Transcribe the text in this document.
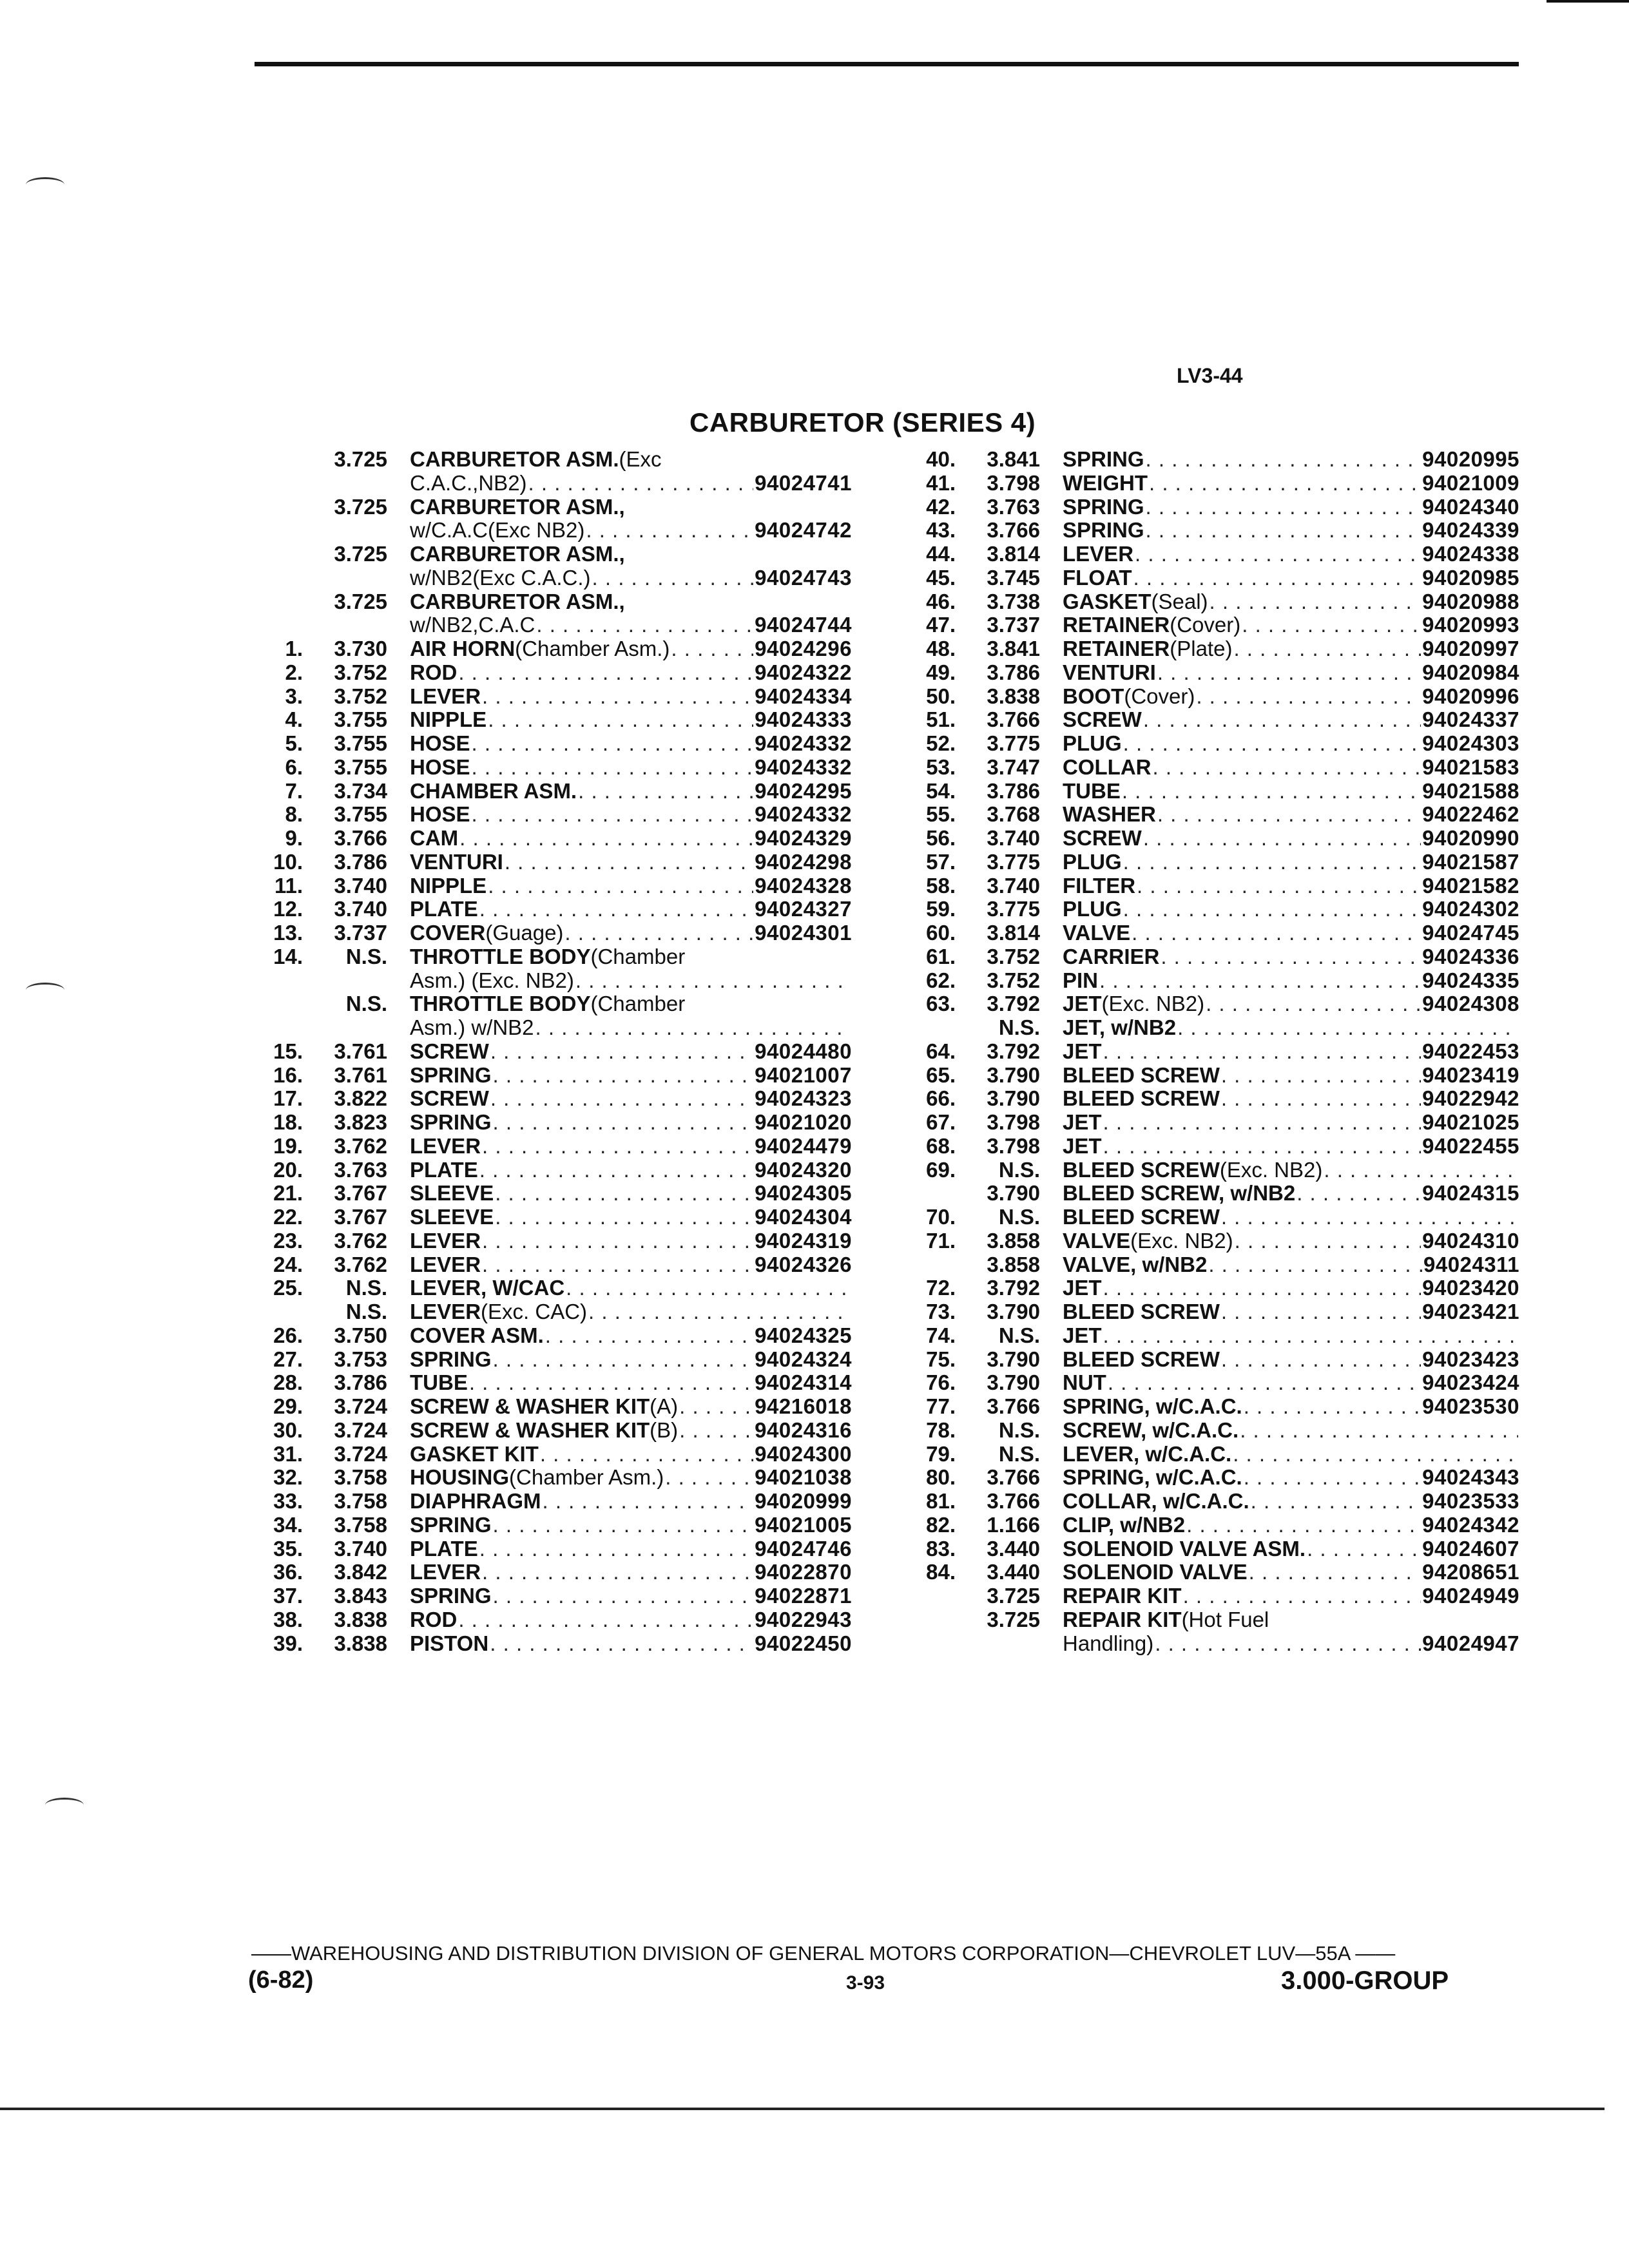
LV3-44
CARBURETOR (SERIES 4)
3.725 CARBURETOR ASM. (Exc
C.A.C.,NB2) . . .	94024741
3.725 CARBURETOR ASM.,
w/C.A.C(Exc NB2) . . .	94024742
3.725 CARBURETOR ASM.,
w/NB2(Exc C.A.C.) . . .	94024743
3.725 CARBURETOR ASM.,
w/NB2,C.A.C . . .	94024744
1.	3.730 AIR HORN (Chamber Asm.) . . .	94024296
2.	3.752 ROD . . .	94024322
3.	3.752 LEVER . . .	94024334
4.	3.755 NIPPLE . . .	94024333
5.	3.755 HOSE . . .	94024332
6.	3.755 HOSE . . .	94024332
7.	3.734 CHAMBER ASM. . . .	94024295
8.	3.755 HOSE . . .	94024332
9.	3.766 CAM . . .	94024329
10.	3.786 VENTURI . . .	94024298
11.	3.740 NIPPLE . . .	94024328
12.	3.740 PLATE . . .	94024327
13.	3.737 COVER (Guage) . . .	94024301
14.	N.S. THROTTLE BODY (Chamber
Asm.) (Exc. NB2)
. . .
N.S. THROTTLE BODY (Chamber
Asm.) w/NB2
. . .
15.	3.761 SCREW . . .	94024480
16.	3.761 SPRING . . .	94021007
17.	3.822 SCREW . . .	94024323
18.	3.823 SPRING . . .	94021020
19.	3.762 LEVER . . .	94024479
20.	3.763 PLATE . . .	94024320
21.	3.767 SLEEVE . . .	94024305
22.	3.767 SLEEVE . . .	94024304
23.	3.762 LEVER . . .	94024319
24.	3.762 LEVER . . .	94024326
25.	N.S. LEVER, W/CAC
. . .
N.S. LEVER (Exc. CAC)
. . .
26.	3.750 COVER ASM. . . .	94024325
27.	3.753 SPRING . . .	94024324
28.	3.786 TUBE . . .	94024314
29.	3.724 SCREW & WASHER KIT (A) . . .	94216018
30.	3.724 SCREW & WASHER KIT (B) . . .	94024316
31.	3.724 GASKET KIT . . .	94024300
32.	3.758 HOUSING (Chamber Asm.) . . .	94021038
33.	3.758 DIAPHRAGM . . .	94020999
34.	3.758 SPRING . . .	94021005
35.	3.740 PLATE . . .	94024746
36.	3.842 LEVER . . .	94022870
37.	3.843 SPRING . . .	94022871
38.	3.838 ROD . . .	94022943
39.	3.838 PISTON . . .	94022450
40.	3.841 SPRING . . .	94020995
41.	3.798 WEIGHT . . .	94021009
42.	3.763 SPRING . . .	94024340
43.	3.766 SPRING . . .	94024339
44.	3.814 LEVER . . .	94024338
45.	3.745 FLOAT . . .	94020985
46.	3.738 GASKET (Seal) . . .	94020988
47.	3.737 RETAINER (Cover) . . .	94020993
48.	3.841 RETAINER (Plate) . . .	94020997
49.	3.786 VENTURI . . .	94020984
50.	3.838 BOOT (Cover) . . .	94020996
51.	3.766 SCREW . . .	94024337
52.	3.775 PLUG . . .	94024303
53.	3.747 COLLAR . . .	94021583
54.	3.786 TUBE . . .	94021588
55.	3.768 WASHER . . .	94022462
56.	3.740 SCREW . . .	94020990
57.	3.775 PLUG . . .	94021587
58.	3.740 FILTER . . .	94021582
59.	3.775 PLUG . . .	94024302
60.	3.814 VALVE . . .	94024745
61.	3.752 CARRIER . . .	94024336
62.	3.752 PIN . . .	94024335
63.	3.792 JET (Exc. NB2) . . .	94024308
N.S. JET, w/NB2
. . .
64.	3.792 JET . . .	94022453
65.	3.790 BLEED SCREW . . .	94023419
66.	3.790 BLEED SCREW . . .	94022942
67.	3.798 JET . . .	94021025
68.	3.798 JET . . .	94022455
69.	N.S. BLEED SCREW (Exc. NB2)
. . .
3.790 BLEED SCREW, w/NB2 . . .	94024315
70.	N.S. BLEED SCREW
. . .
71.	3.858 VALVE (Exc. NB2) . . .	94024310
3.858 VALVE, w/NB2 . . .	94024311
72.	3.792 JET . . .	94023420
73.	3.790 BLEED SCREW . . .	94023421
74.	N.S. JET
. . .
75.	3.790 BLEED SCREW . . .	94023423
76.	3.790 NUT . . .	94023424
77.	3.766 SPRING, w/C.A.C. . . .	94023530
78.	N.S. SCREW, w/C.A.C.
. . .
79.	N.S. LEVER, w/C.A.C.
. . .
80.	3.766 SPRING, w/C.A.C. . . .	94024343
81.	3.766 COLLAR, w/C.A.C. . . .	94023533
82.	1.166 CLIP, w/NB2 . . .	94024342
83.	3.440 SOLENOID VALVE ASM. . . .	94024607
84.	3.440 SOLENOID VALVE . . .	94208651
3.725 REPAIR KIT . . .	94024949
3.725 REPAIR KIT (Hot Fuel
Handling) . . .	94024947
——WAREHOUSING AND DISTRIBUTION DIVISION OF GENERAL MOTORS CORPORATION—CHEVROLET LUV—55A ——
(6-82)	3-93	3.000-GROUP
